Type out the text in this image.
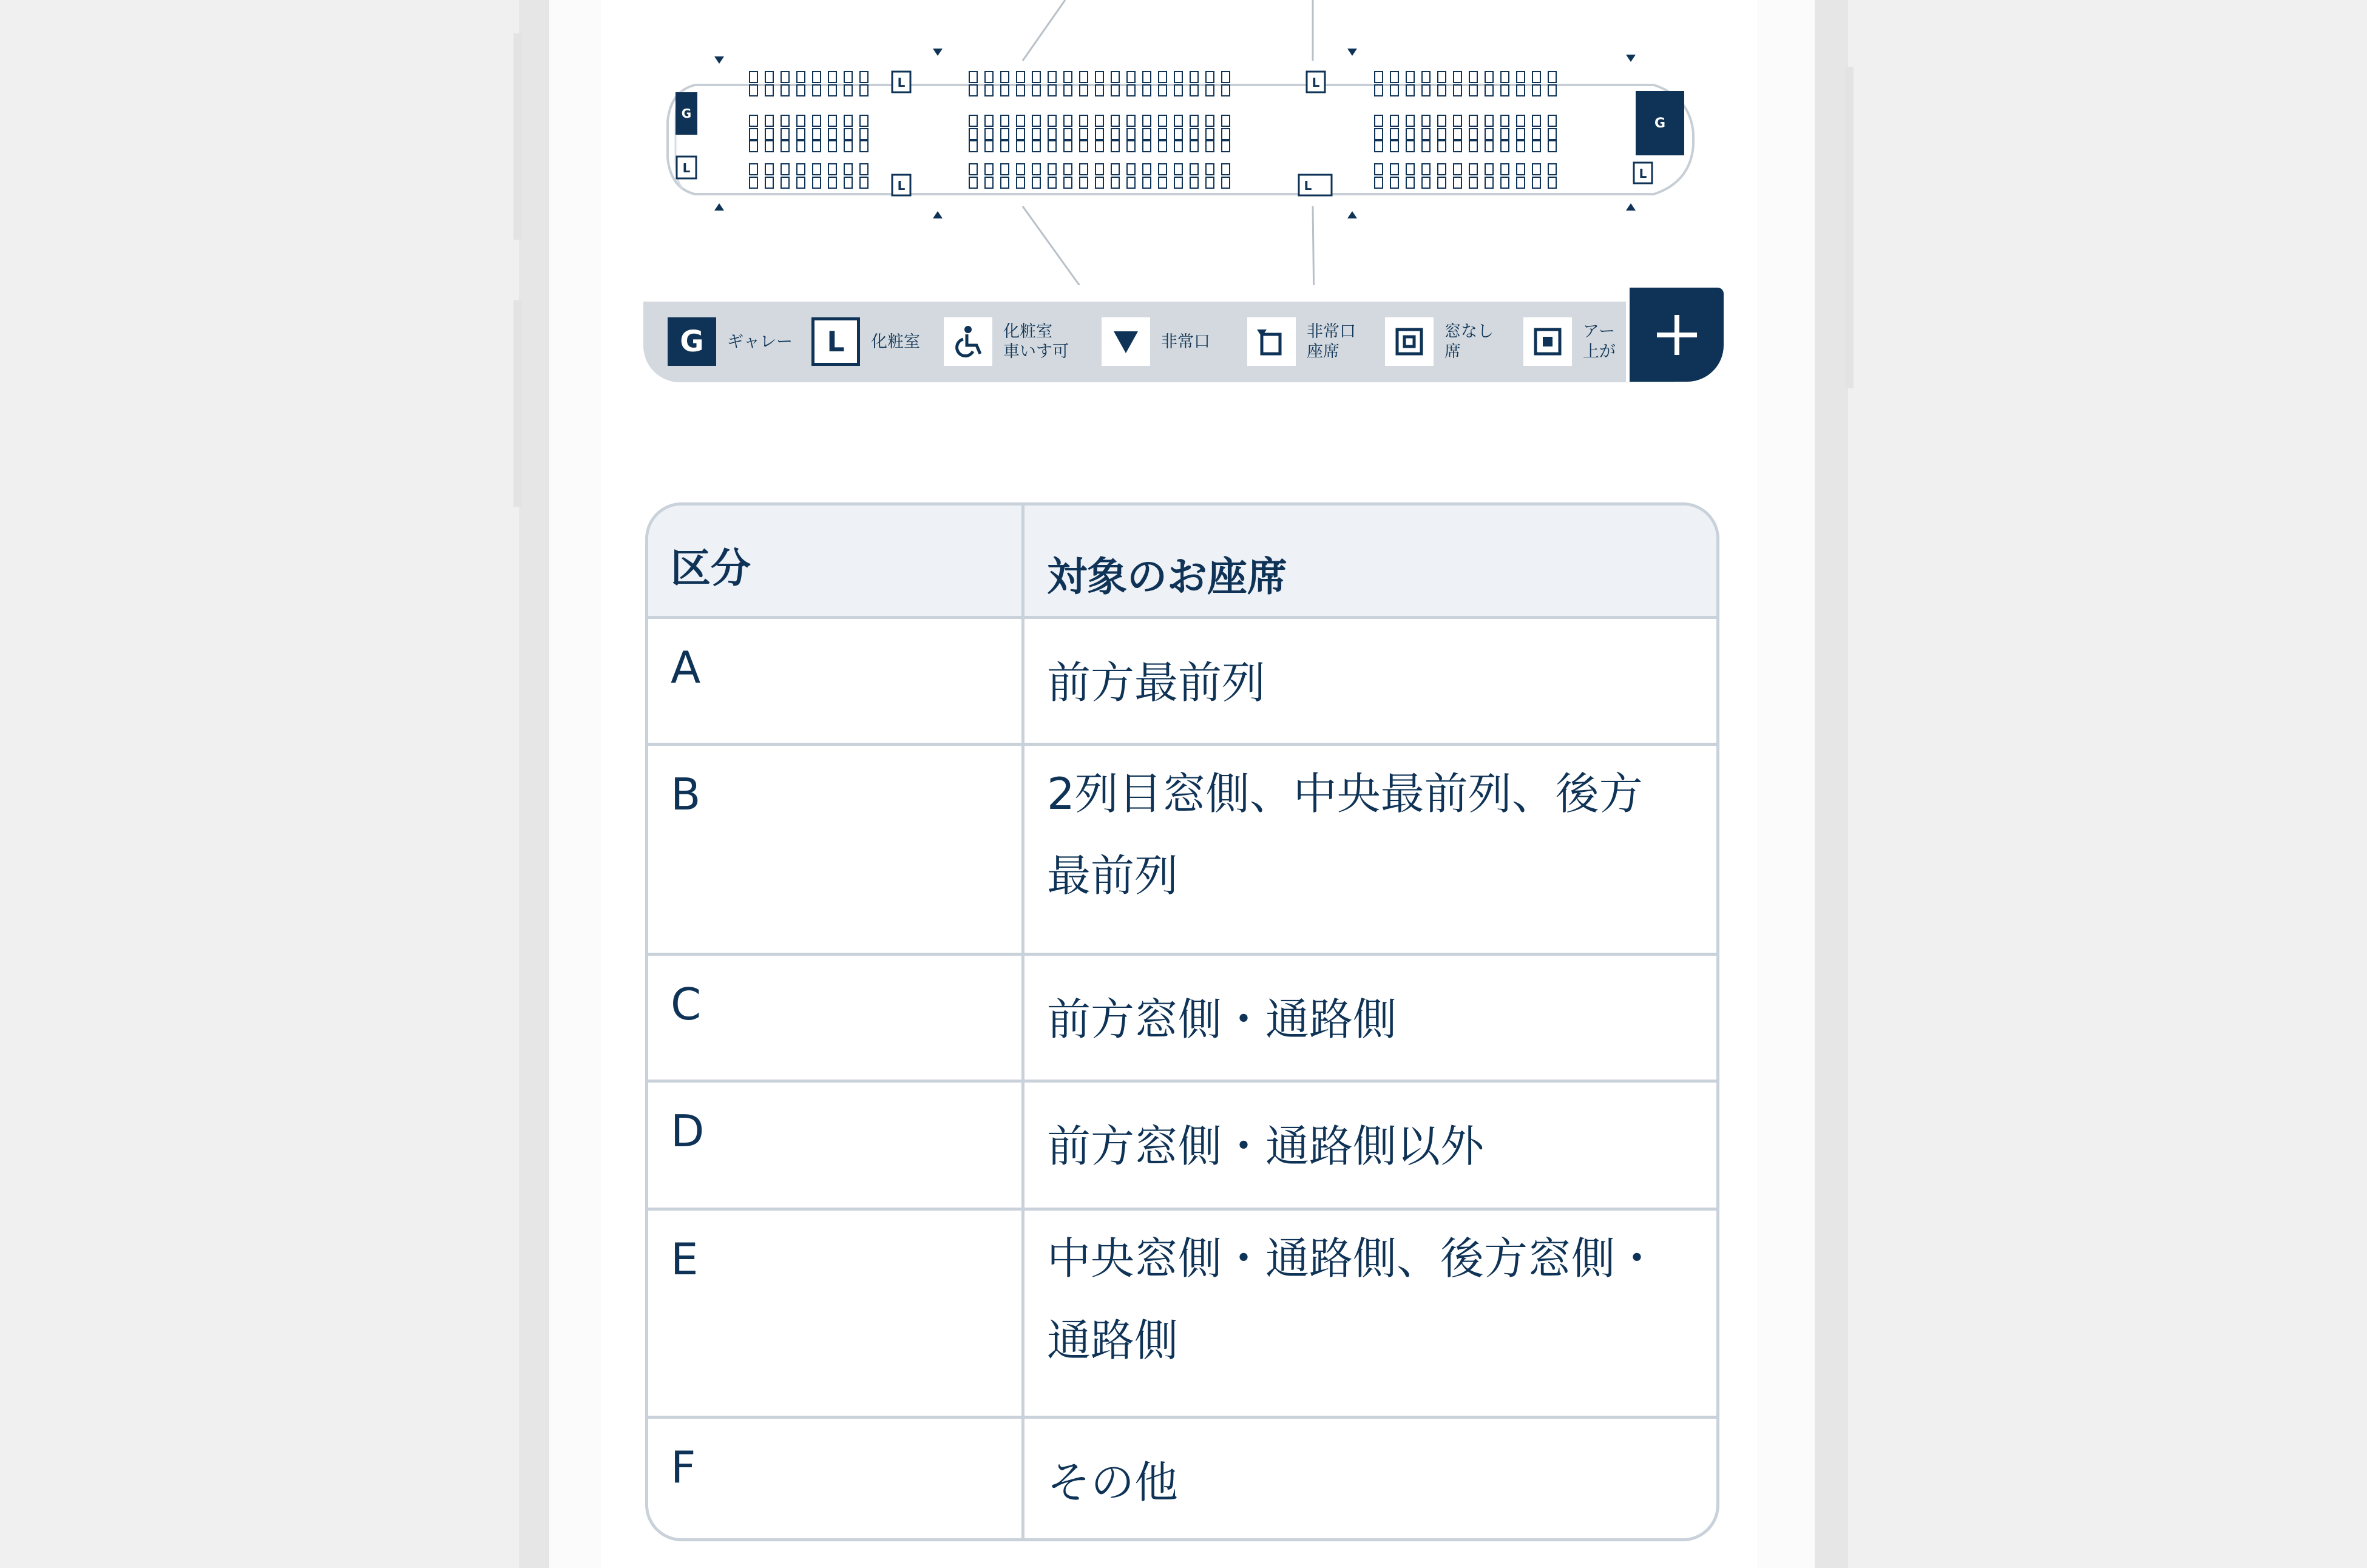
G
G
L
L
L
L
L
L
G ギャレー L 化粧室
化粧室
車いす可
非常口
非常口
座席
窓なし
席
アー
上が
区分	対象のお座席
A	前方最前列
B	2列目窓側、中央最前列、後方最前列
C	前方窓側・通路側
D	前方窓側・通路側以外
E	中央窓側・通路側、後方窓側・通路側
F	その他
